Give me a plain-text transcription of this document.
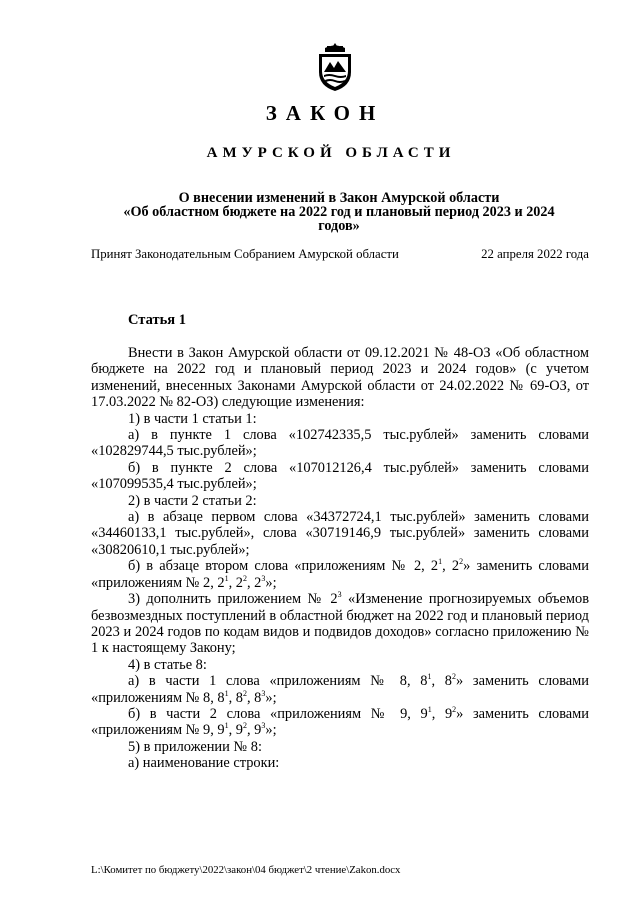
ЗАКОН
АМУРСКОЙ ОБЛАСТИ
О внесении изменений в Закон Амурской области
«Об областном бюджете на 2022 год и плановый период 2023 и 2024
годов»
Принят Законодательным Собранием Амурской области	22 апреля 2022 года
Статья 1

Внести в Закон Амурской области от 09.12.2021 № 48-ОЗ «Об областном бюджете на 2022 год и плановый период 2023 и 2024 годов» (с учетом изменений, внесенных Законами Амурской области от 24.02.2022 № 69-ОЗ, от 17.03.2022 № 82-ОЗ) следующие изменения:

1) в части 1 статьи 1:

а) в пункте 1 слова «102742335,5 тыс.рублей» заменить словами «102829744,5 тыс.рублей»;

б) в пункте 2 слова «107012126,4 тыс.рублей» заменить словами «107099535,4 тыс.рублей»;

2) в части 2 статьи 2:

а) в абзаце первом слова «34372724,1 тыс.рублей» заменить словами «34460133,1 тыс.рублей», слова «30719146,9 тыс.рублей» заменить словами «30820610,1 тыс.рублей»;

б) в абзаце втором слова «приложениям № 2, $2^1$, $2^2$» заменить словами «приложениям № 2, $2^1$, $2^2$, $2^3$»;

3) дополнить приложением № $2^3$ «Изменение прогнозируемых объемов безвозмездных поступлений в областной бюджет на 2022 год и плановый период 2023 и 2024 годов по кодам видов и подвидов доходов» согласно приложению № 1 к настоящему Закону;

4) в статье 8:

а) в части 1 слова «приложениям № 8, $8^1$, $8^2$» заменить словами «приложениям № 8, $8^1$, $8^2$, $8^3$»;

б) в части 2 слова «приложениям № 9, $9^1$, $9^2$» заменить словами «приложениям № 9, $9^1$, $9^2$, $9^3$»;

5) в приложении № 8:

а) наименование строки:

L:\Комитет по бюджету\2022\закон\04 бюджет\2 чтение\Zakon.docx
